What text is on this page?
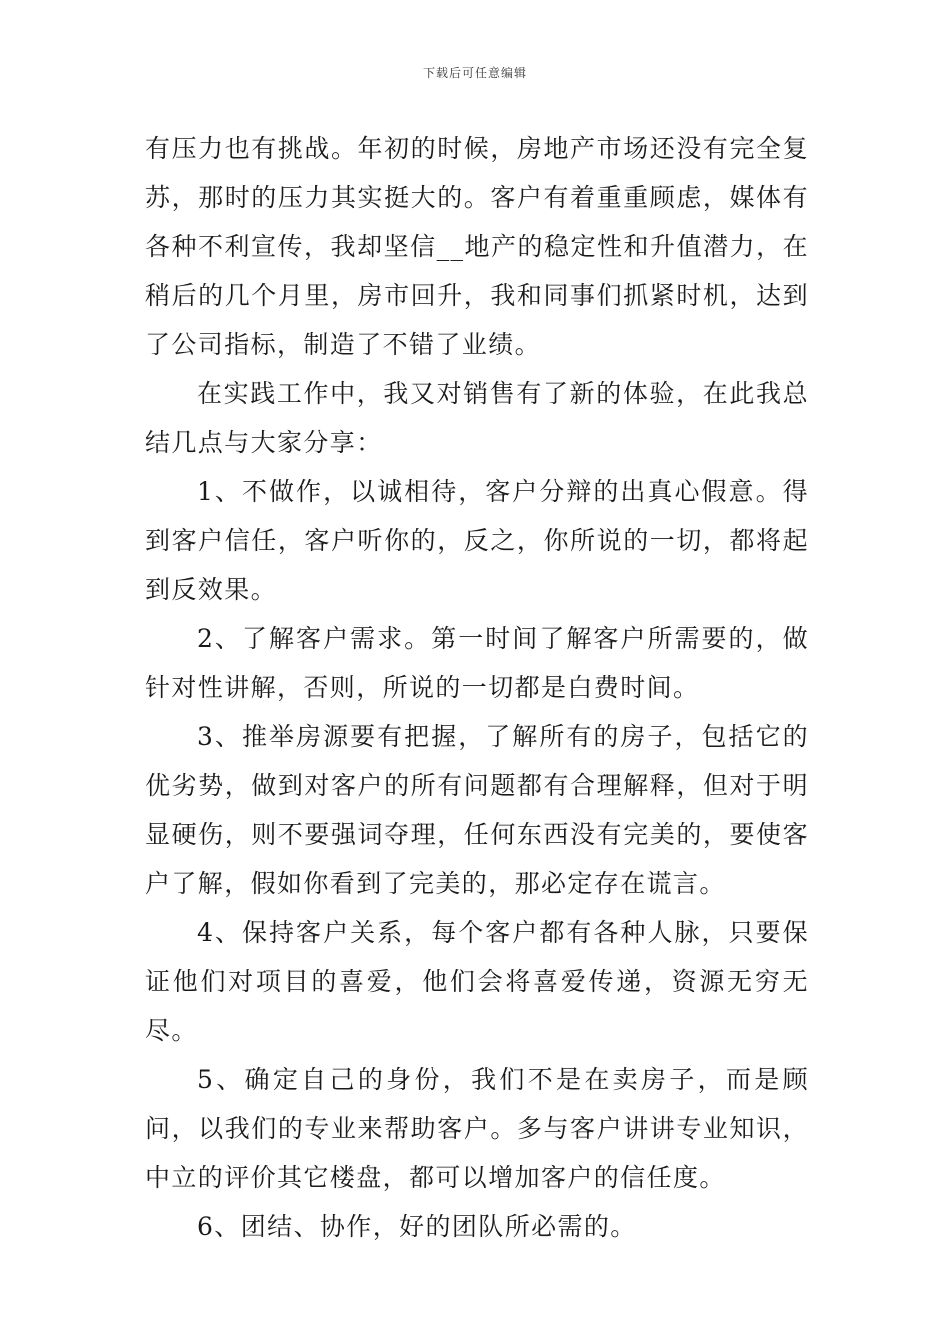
下载后可任意编辑

有压力也有挑战。年初的时候，房地产市场还没有完全复苏，那时的压力其实挺大的。客户有着重重顾虑，媒体有各种不利宣传，我却坚信__地产的稳定性和升值潜力，在稍后的几个月里，房市回升，我和同事们抓紧时机，达到了公司指标，制造了不错了业绩。

在实践工作中，我又对销售有了新的体验，在此我总结几点与大家分享：

1、不做作，以诚相待，客户分辩的出真心假意。得到客户信任，客户听你的，反之，你所说的一切，都将起到反效果。

2、了解客户需求。第一时间了解客户所需要的，做针对性讲解，否则，所说的一切都是白费时间。

3、推举房源要有把握，了解所有的房子，包括它的优劣势，做到对客户的所有问题都有合理解释，但对于明显硬伤，则不要强词夺理，任何东西没有完美的，要使客户了解，假如你看到了完美的，那必定存在谎言。

4、保持客户关系，每个客户都有各种人脉，只要保证他们对项目的喜爱，他们会将喜爱传递，资源无穷无尽。

5、确定自己的身份，我们不是在卖房子，而是顾问，以我们的专业来帮助客户。多与客户讲讲专业知识，中立的评价其它楼盘，都可以增加客户的信任度。

6、团结、协作，好的团队所必需的。
